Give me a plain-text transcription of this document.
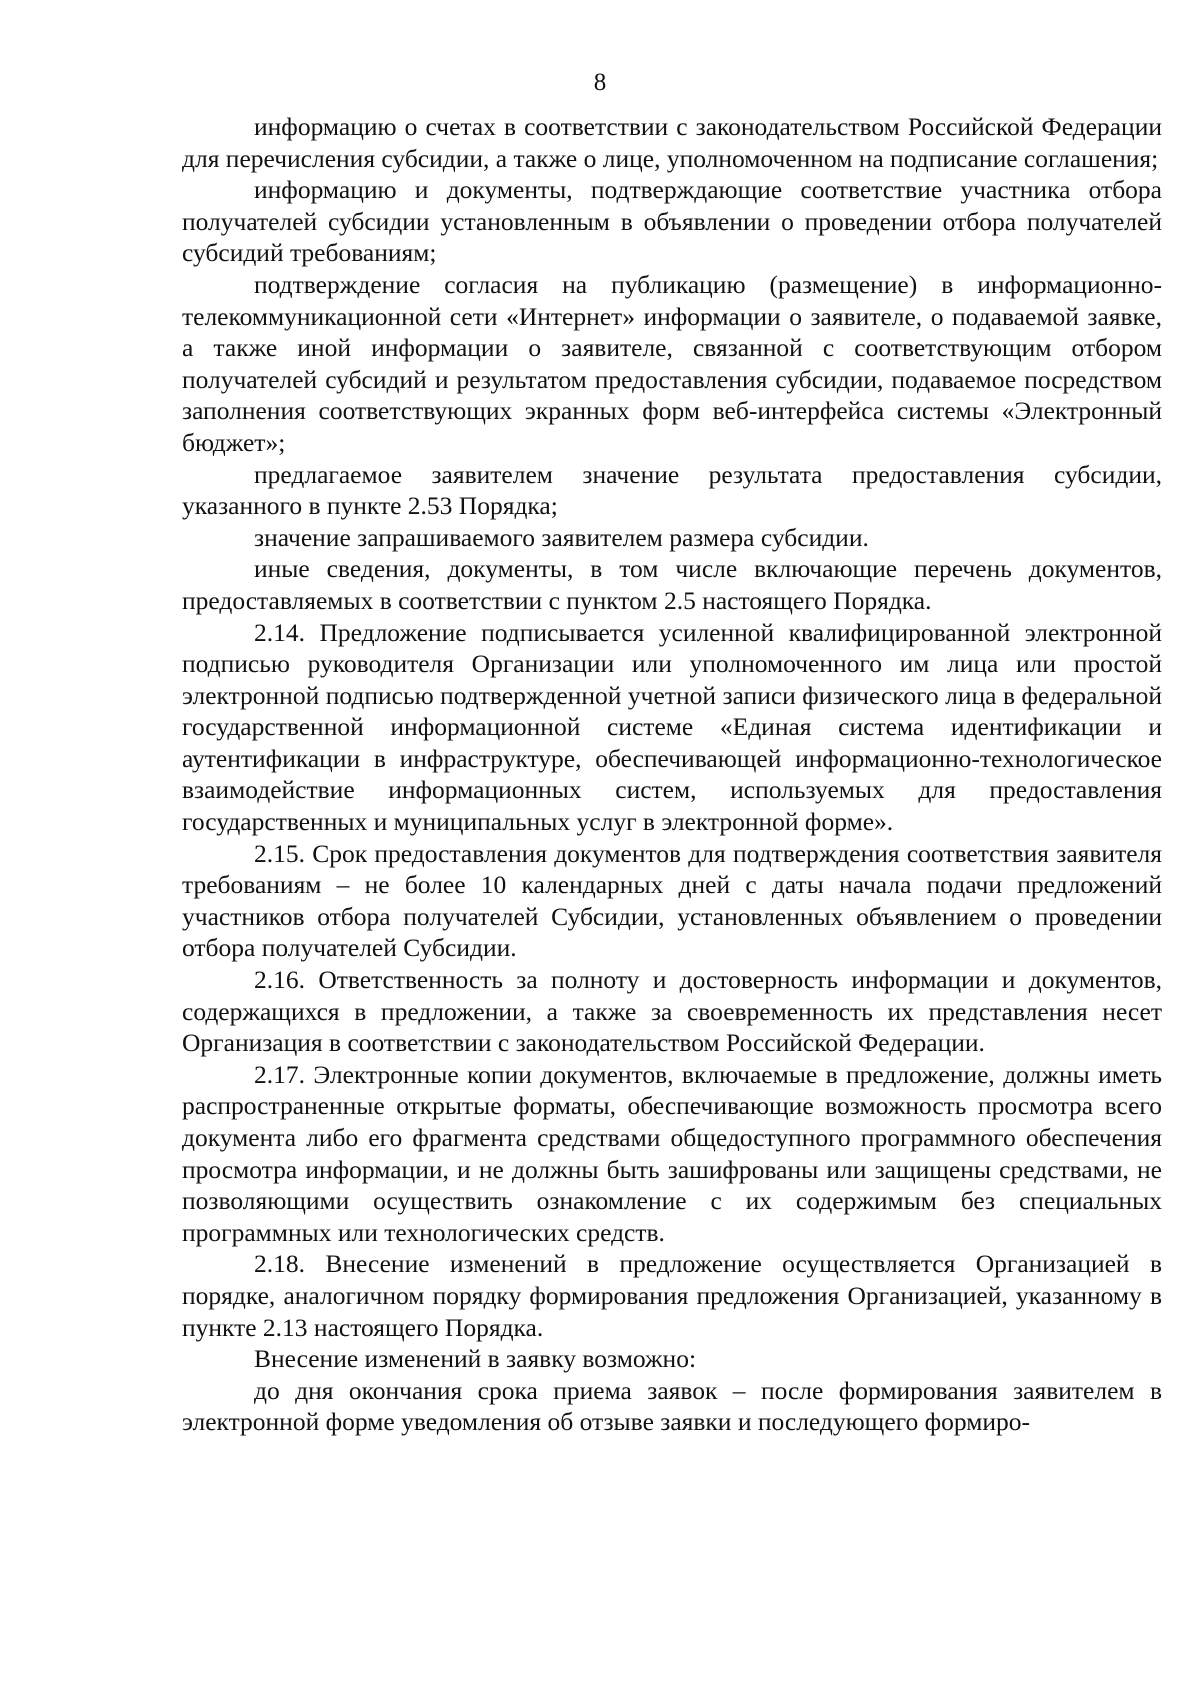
8

информацию о счетах в соответствии с законодательством Российской Федерации для перечисления субсидии, а также о лице, уполномоченном на подписание соглашения;

информацию и документы, подтверждающие соответствие участника отбора получателей субсидии установленным в объявлении о проведении отбора получателей субсидий требованиям;

подтверждение согласия на публикацию (размещение) в информационно-телекоммуникационной сети «Интернет» информации о заявителе, о подаваемой заявке, а также иной информации о заявителе, связанной с соответствующим отбором получателей субсидий и результатом предоставления субсидии, подаваемое посредством заполнения соответствующих экранных форм веб-интерфейса системы «Электронный бюджет»;

предлагаемое заявителем значение результата предоставления субсидии, указанного в пункте 2.53 Порядка;

значение запрашиваемого заявителем размера субсидии.

иные сведения, документы, в том числе включающие перечень документов, предоставляемых в соответствии с пунктом 2.5 настоящего Порядка.

2.14. Предложение подписывается усиленной квалифицированной электронной подписью руководителя Организации или уполномоченного им лица или простой электронной подписью подтвержденной учетной записи физического лица в федеральной государственной информационной системе «Единая система идентификации и аутентификации в инфраструктуре, обеспечивающей информационно-технологическое взаимодействие информационных систем, используемых для предоставления государственных и муниципальных услуг в электронной форме».

2.15. Срок предоставления документов для подтверждения соответствия заявителя требованиям – не более 10 календарных дней с даты начала подачи предложений участников отбора получателей Субсидии, установленных объявлением о проведении отбора получателей Субсидии.

2.16. Ответственность за полноту и достоверность информации и документов, содержащихся в предложении, а также за своевременность их представления несет Организация в соответствии с законодательством Российской Федерации.

2.17. Электронные копии документов, включаемые в предложение, должны иметь распространенные открытые форматы, обеспечивающие возможность просмотра всего документа либо его фрагмента средствами общедоступного программного обеспечения просмотра информации, и не должны быть зашифрованы или защищены средствами, не позволяющими осуществить ознакомление с их содержимым без специальных программных или технологических средств.

2.18. Внесение изменений в предложение осуществляется Организацией в порядке, аналогичном порядку формирования предложения Организацией, указанному в пункте 2.13 настоящего Порядка.

Внесение изменений в заявку возможно:

до дня окончания срока приема заявок – после формирования заявителем в электронной форме уведомления об отзыве заявки и последующего формиро-
